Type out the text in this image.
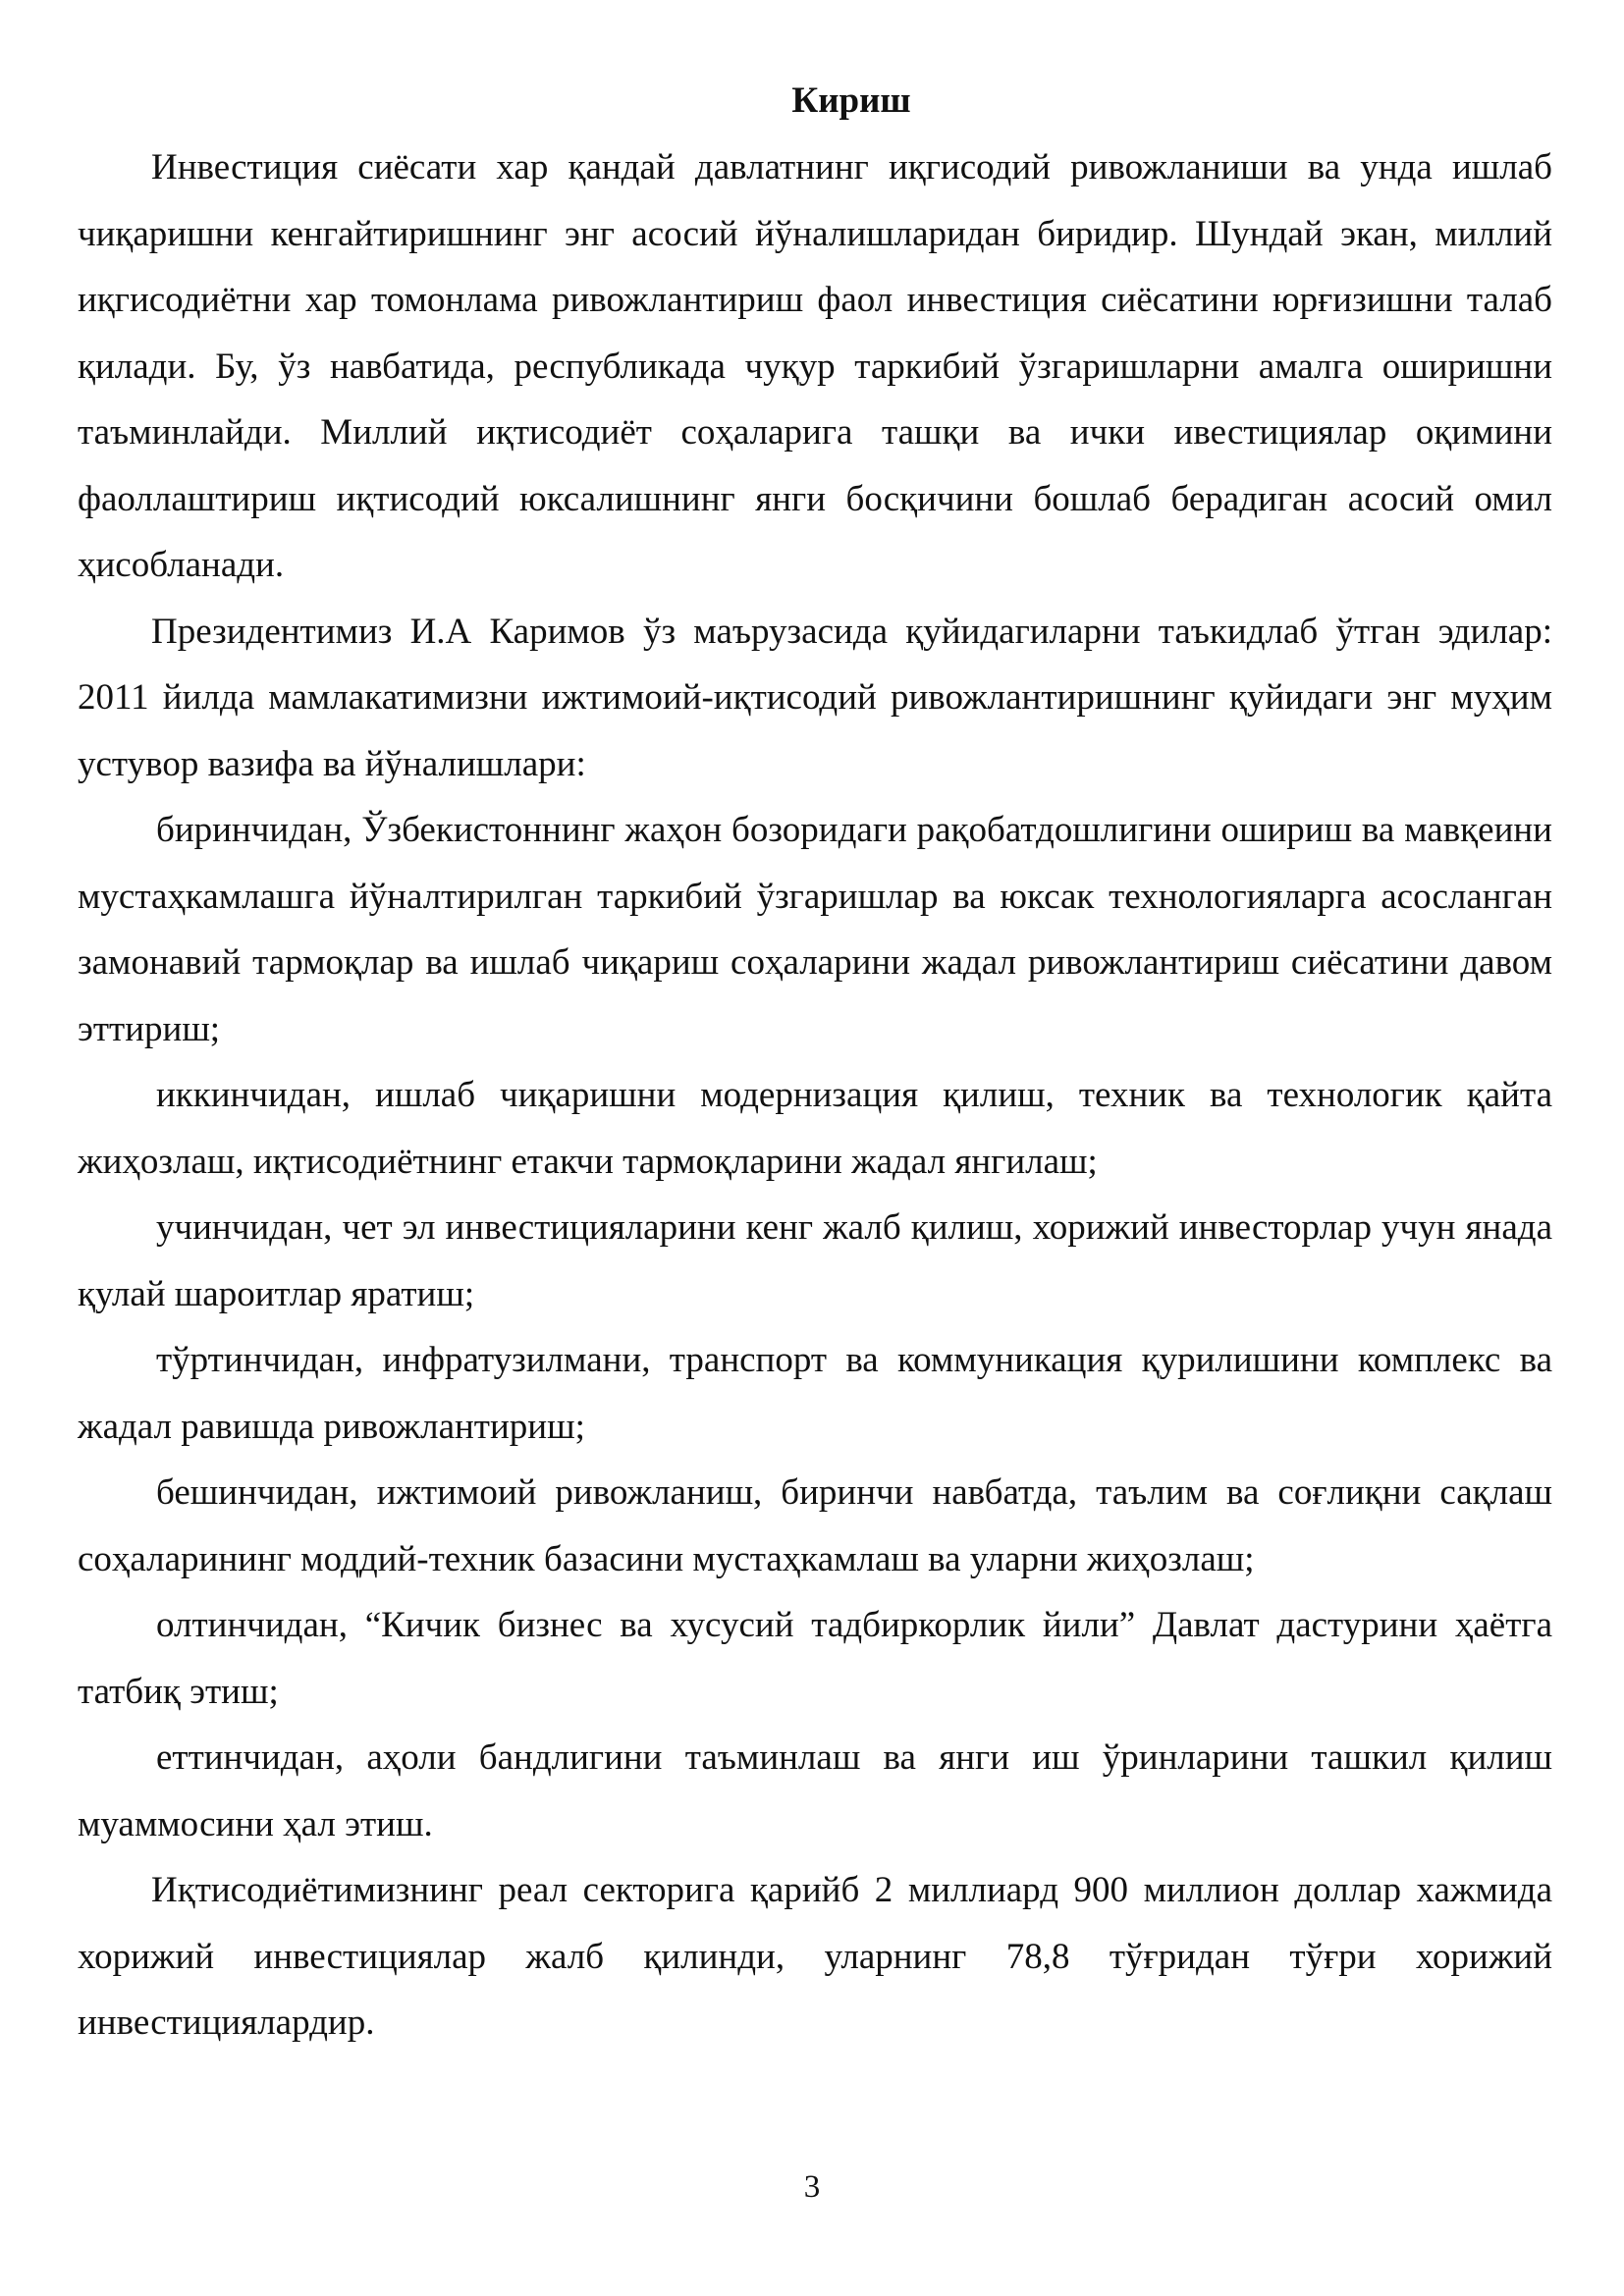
Кириш

Инвестиция сиёсати хар қандай давлатнинг иқгисодий ривожланиши ва унда ишлаб чиқаришни кенгайтиришнинг энг асосий йўналишларидан биридир. Шундай экан, миллий иқгисодиётни хар томонлама ривожлантириш фаол инвестиция сиёсатини юрғизишни талаб қилади. Бу, ўз навбатида, республикада чуқур таркибий ўзгаришларни амалга оширишни таъминлайди. Миллий иқтисодиёт соҳаларига ташқи ва ички ивестициялар оқимини фаоллаштириш иқтисодий юксалишнинг янги босқичини бошлаб берадиган асосий омил ҳисобланади.

Президентимиз И.А Каримов ўз маърузасида қуйидагиларни таъкидлаб ўтган эдилар: 2011 йилда мамлакатимизни ижтимоий-иқтисодий ривожлантиришнинг қуйидаги энг муҳим устувор вазифа ва йўналишлари:

биринчидан, Ўзбекистоннинг жаҳон бозоридаги рақобатдошлигини ошириш ва мавқеини мустаҳкамлашга йўналтирилган таркибий ўзгаришлар ва юксак технологияларга асосланган замонавий тармоқлар ва ишлаб чиқариш соҳаларини жадал ривожлантириш сиёсатини давом эттириш;

иккинчидан, ишлаб чиқаришни модернизация қилиш, техник ва технологик қайта жиҳозлаш, иқтисодиётнинг етакчи тармоқларини жадал янгилаш;

учинчидан, чет эл инвестицияларини кенг жалб қилиш, хорижий инвесторлар учун янада қулай шароитлар яратиш;

тўртинчидан, инфратузилмани, транспорт ва коммуникация қурилишини комплекс ва жадал равишда ривожлантириш;

бешинчидан, ижтимоий ривожланиш, биринчи навбатда, таълим ва соғлиқни сақлаш соҳаларининг моддий-техник базасини мустаҳкамлаш ва уларни жиҳозлаш;

олтинчидан, “Кичик бизнес ва хусусий тадбиркорлик йили” Давлат дастурини ҳаётга татбиқ этиш;

еттинчидан, аҳоли бандлигини таъминлаш ва янги иш ўринларини ташкил қилиш муаммосини ҳал этиш.

Иқтисодиётимизнинг реал секторига қарийб 2 миллиард 900 миллион доллар хажмида хорижий инвестициялар жалб қилинди, уларнинг 78,8 тўғридан тўғри хорижий инвестициялардир.

3
